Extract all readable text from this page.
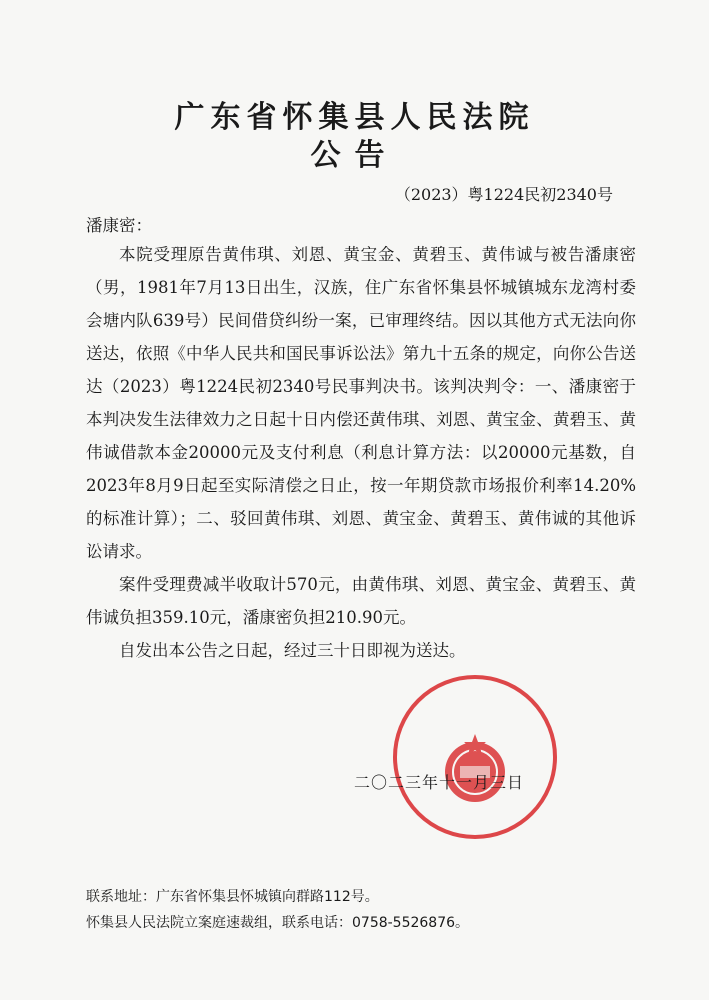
广东省怀集县人民法院
公告
（2023）粤1224民初2340号
潘康密：

本院受理原告黄伟琪、刘恩、黄宝金、黄碧玉、黄伟诚与被告潘康密（男，1981年7月13日出生，汉族，住广东省怀集县怀城镇城东龙湾村委会塘内队639号）民间借贷纠纷一案，已审理终结。因以其他方式无法向你送达，依照《中华人民共和国民事诉讼法》第九十五条的规定，向你公告送达（2023）粤1224民初2340号民事判决书。该判决判令：一、潘康密于本判决发生法律效力之日起十日内偿还黄伟琪、刘恩、黄宝金、黄碧玉、黄伟诚借款本金20000元及支付利息（利息计算方法：以20000元基数，自2023年8月9日起至实际清偿之日止，按一年期贷款市场报价利率14.20%的标准计算）；二、驳回黄伟琪、刘恩、黄宝金、黄碧玉、黄伟诚的其他诉讼请求。

案件受理费减半收取计570元，由黄伟琪、刘恩、黄宝金、黄碧玉、黄伟诚负担359.10元，潘康密负担210.90元。

自发出本公告之日起，经过三十日即视为送达。

二〇二三年十一月三日
联系地址：广东省怀集县怀城镇向群路112号。
怀集县人民法院立案庭速裁组，联系电话：0758-5526876。
